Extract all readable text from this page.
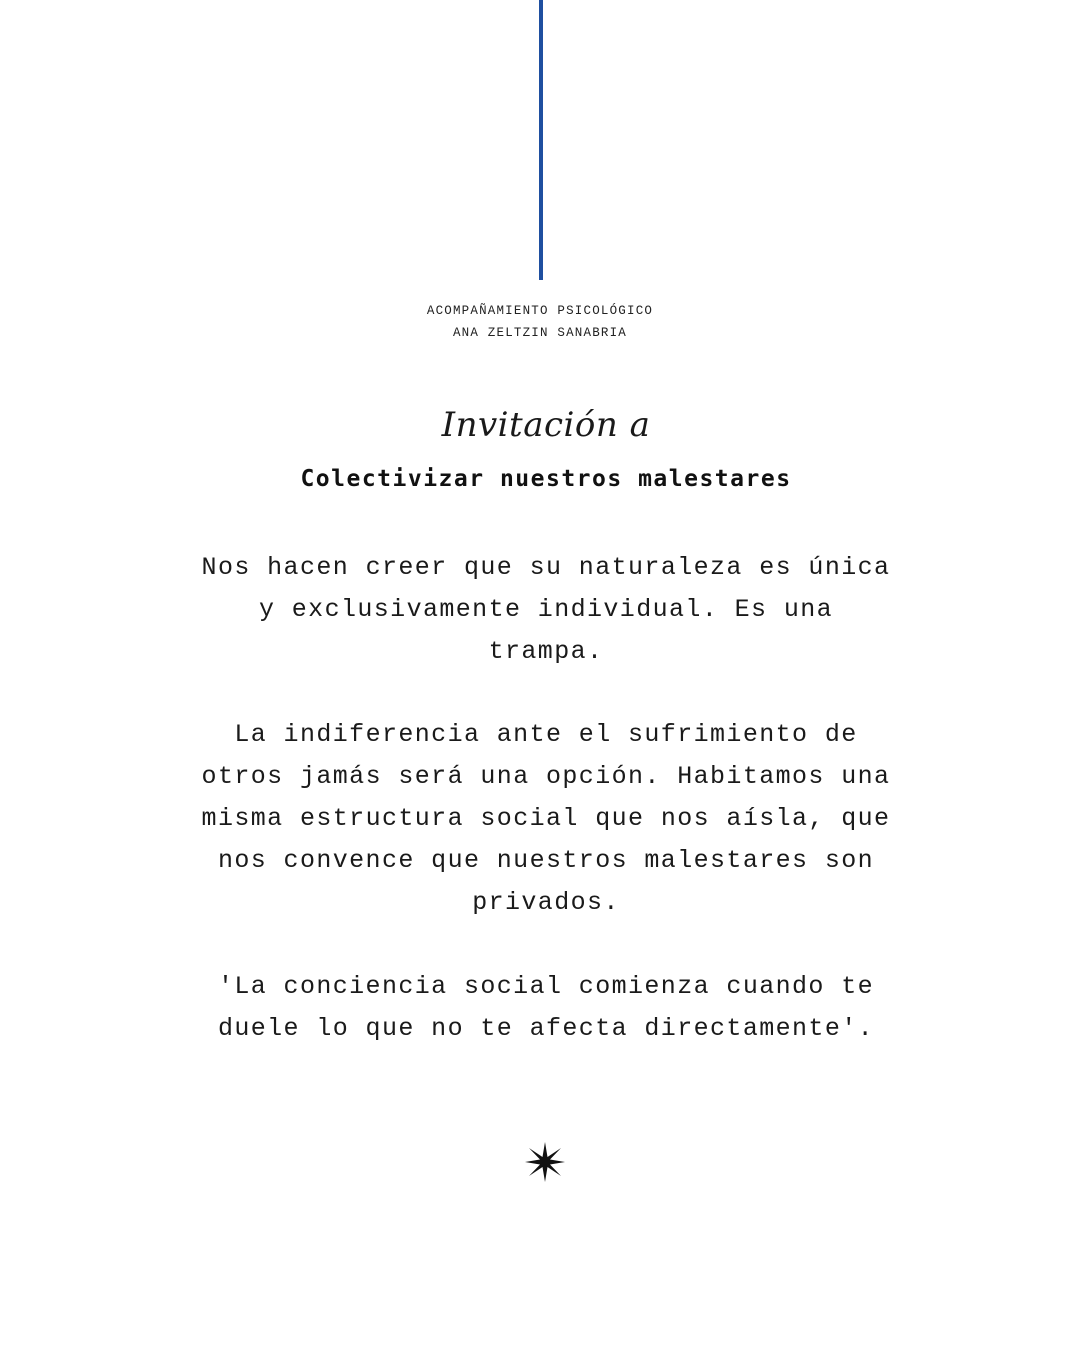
ACOMPAÑAMIENTO PSICOLÓGICO
ANA ZELTZIN SANABRIA
Invitación a
Colectivizar nuestros malestares
Nos hacen creer que su naturaleza es única y exclusivamente individual. Es una trampa.
La indiferencia ante el sufrimiento de otros jamás será una opción. Habitamos una misma estructura social que nos aísla, que nos convence que nuestros malestares son privados.
'La conciencia social comienza cuando te duele lo que no te afecta directamente'.
